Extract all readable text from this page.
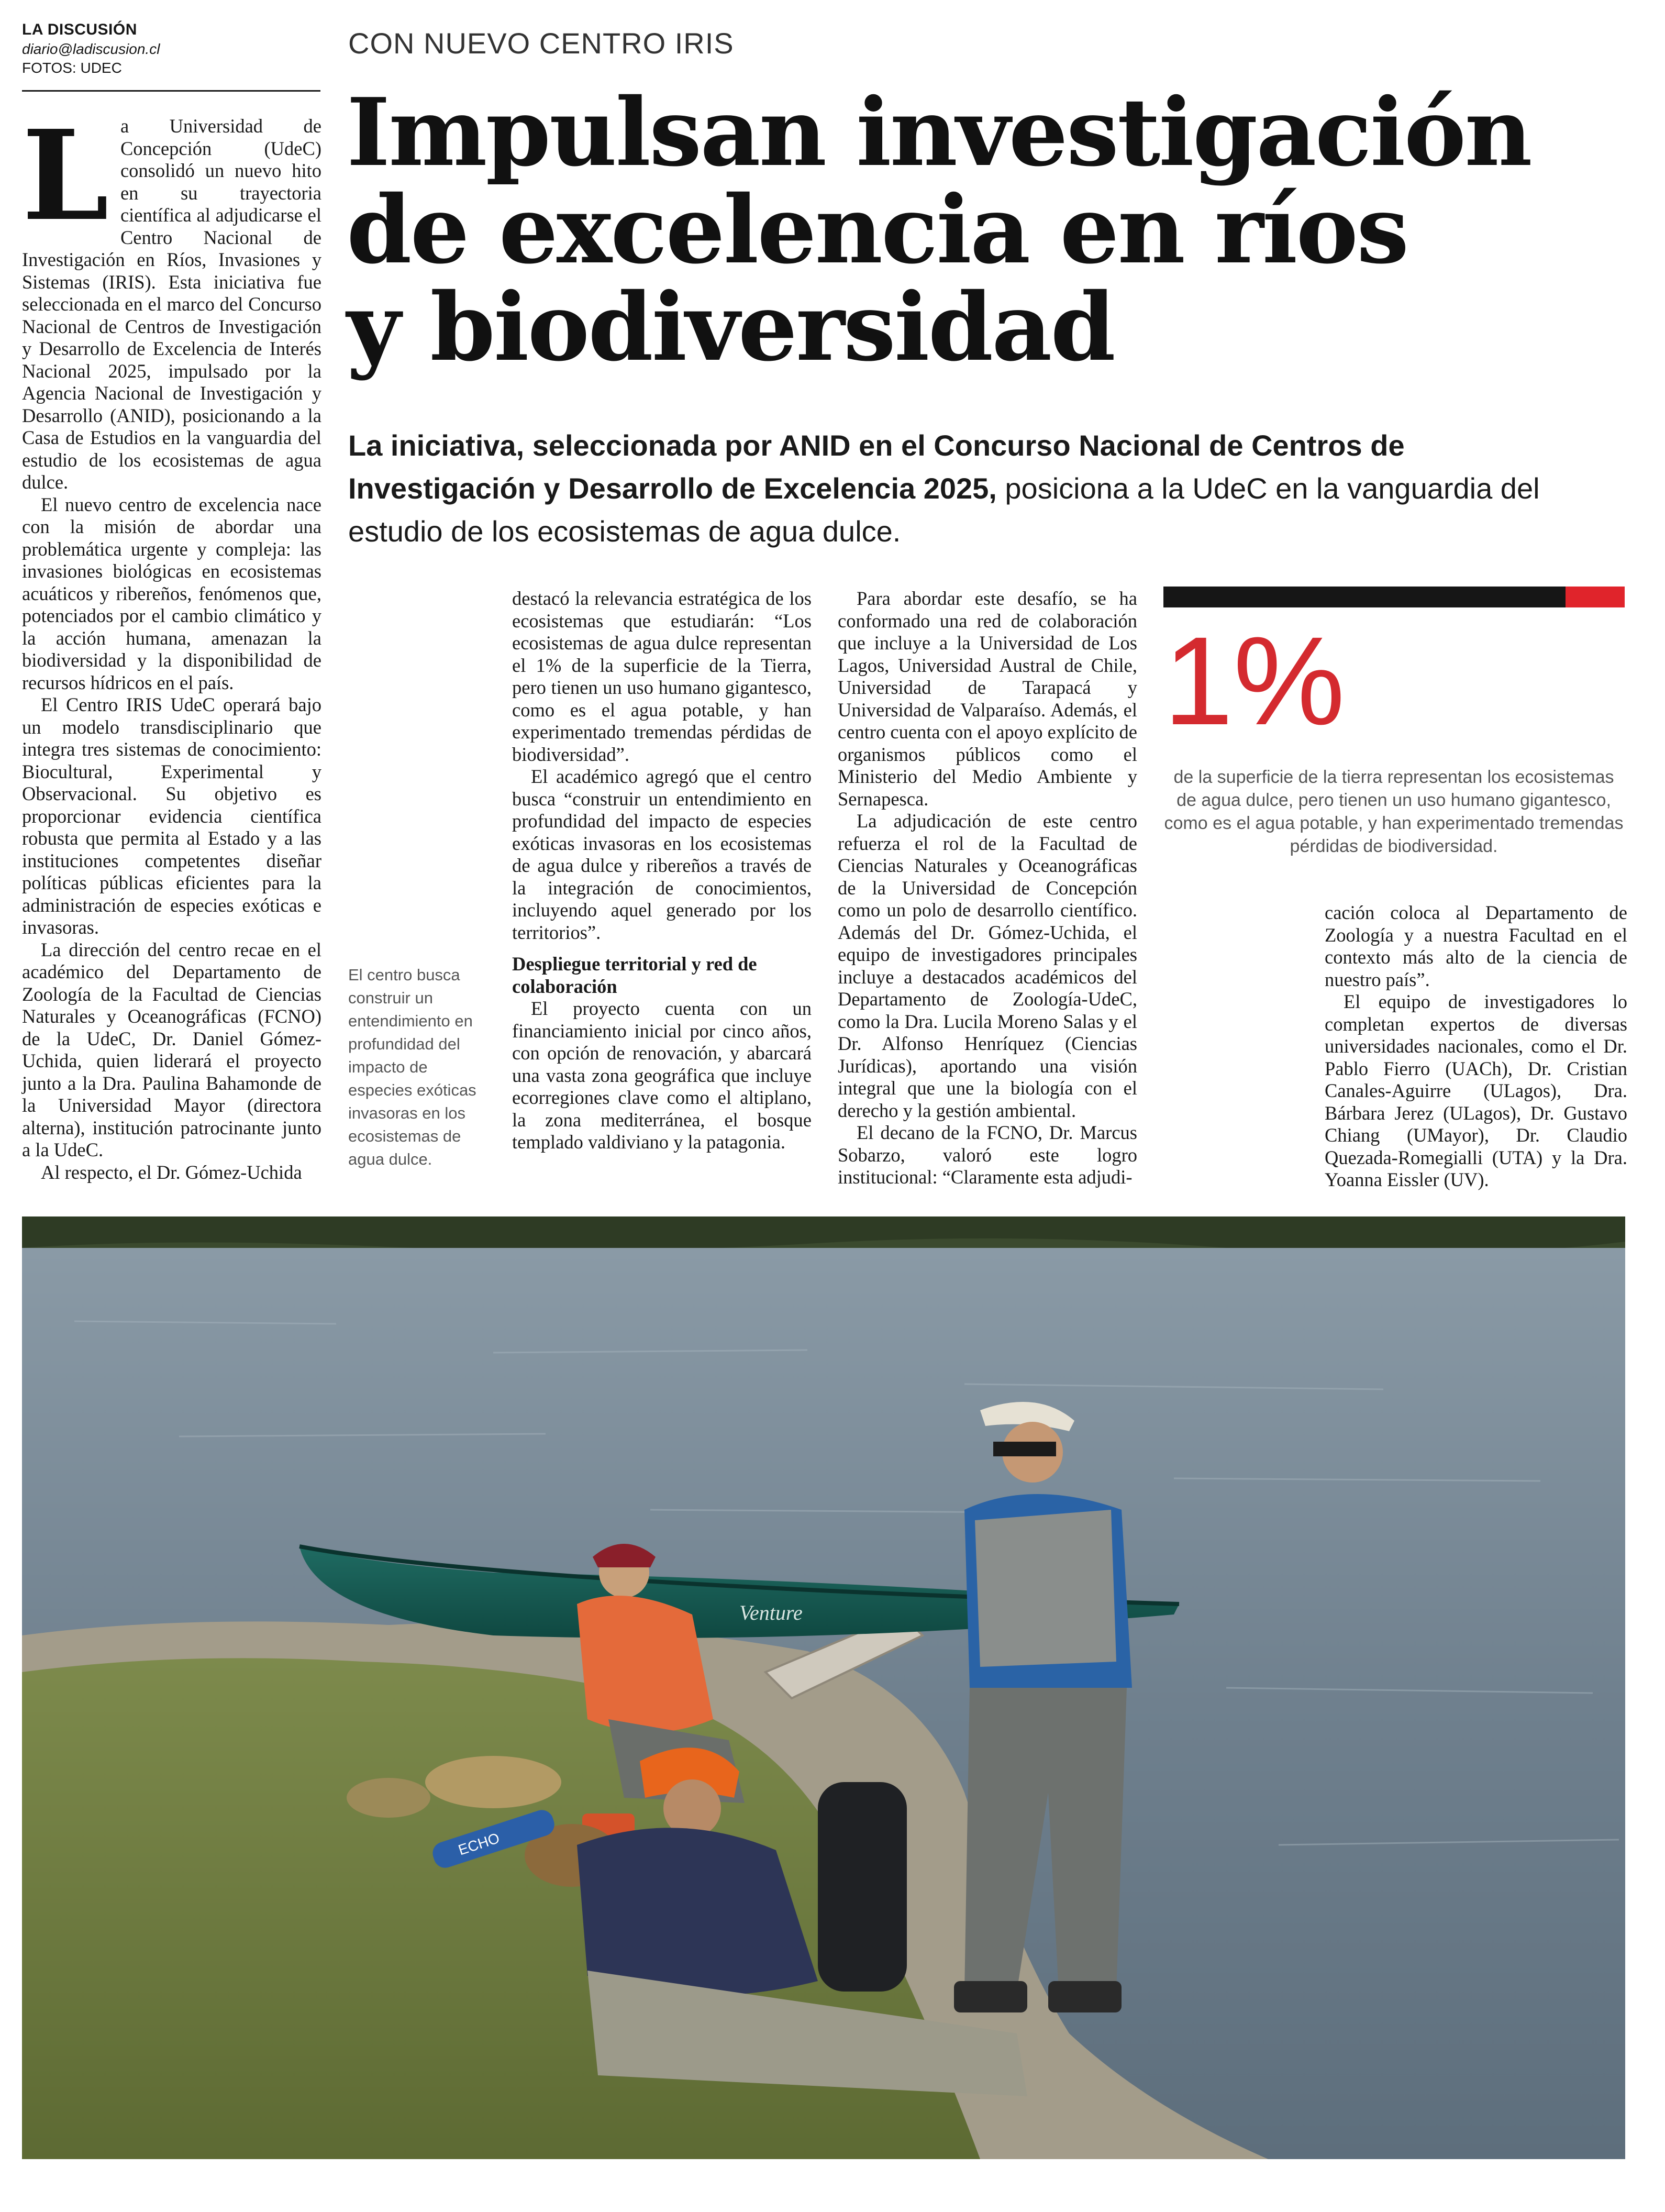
LA DISCUSIÓN
diario@ladiscusion.cl
FOTOS: UDEC
CON NUEVO CENTRO IRIS
Impulsan investigación
de excelencia en ríos
y biodiversidad
La iniciativa, seleccionada por ANID en el Concurso Nacional de Centros de Investigación y Desarrollo de Excelencia 2025, posiciona a la UdeC en la vanguardia del estudio de los ecosistemas de agua dulce.

La Universidad de Concepción (UdeC) consolidó un nuevo hito en su trayectoria científica al adjudicarse el Centro Nacional de Investigación en Ríos, Invasiones y Sistemas (IRIS). Esta iniciativa fue seleccionada en el marco del Concurso Nacional de Centros de Investigación y Desarrollo de Excelencia de Interés Nacional 2025, impulsado por la Agencia Nacional de Investigación y Desarrollo (ANID), posicionando a la Casa de Estudios en la vanguardia del estudio de los ecosistemas de agua dulce.

El nuevo centro de excelencia nace con la misión de abordar una problemática urgente y compleja: las invasiones biológicas en ecosistemas acuáticos y ribereños, fenómenos que, potenciados por el cambio climático y la acción humana, amenazan la biodiversidad y la disponibilidad de recursos hídricos en el país.

El Centro IRIS UdeC operará bajo un modelo transdisciplinario que integra tres sistemas de conocimiento: Biocultural, Experimental y Observacional. Su objetivo es proporcionar evidencia científica robusta que permita al Estado y a las instituciones competentes diseñar políticas públicas eficientes para la administración de especies exóticas e invasoras.

La dirección del centro recae en el académico del Departamento de Zoología de la Facultad de Ciencias Naturales y Oceanográficas (FCNO) de la UdeC, Dr. Daniel Gómez-Uchida, quien liderará el proyecto junto a la Dra. Paulina Bahamonde de la Universidad Mayor (directora alterna), institución patrocinante junto a la UdeC.

Al respecto, el Dr. Gómez-Uchida

El centro busca construir un entendimiento en profundidad del impacto de especies exóticas invasoras en los ecosistemas de agua dulce.

destacó la relevancia estratégica de los ecosistemas que estudiarán: “Los ecosistemas de agua dulce representan el 1% de la superficie de la Tierra, pero tienen un uso humano gigantesco, como es el agua potable, y han experimentado tremendas pérdidas de biodiversidad”.

El académico agregó que el centro busca “construir un entendimiento en profundidad del impacto de especies exóticas invasoras en los ecosistemas de agua dulce y ribereños a través de la integración de conocimientos, incluyendo aquel generado por los territorios”.

Despliegue territorial y red de colaboración

El proyecto cuenta con un financiamiento inicial por cinco años, con opción de renovación, y abarcará una vasta zona geográfica que incluye ecorregiones clave como el altiplano, la zona mediterránea, el bosque templado valdiviano y la patagonia.

Para abordar este desafío, se ha conformado una red de colaboración que incluye a la Universidad de Los Lagos, Universidad Austral de Chile, Universidad de Tarapacá y Universidad de Valparaíso. Además, el centro cuenta con el apoyo explícito de organismos públicos como el Ministerio del Medio Ambiente y Sernapesca.

La adjudicación de este centro refuerza el rol de la Facultad de Ciencias Naturales y Oceanográficas de la Universidad de Concepción como un polo de desarrollo científico. Además del Dr. Gómez-Uchida, el equipo de investigadores principales incluye a destacados académicos del Departamento de Zoología-UdeC, como la Dra. Lucila Moreno Salas y el Dr. Alfonso Henríquez (Ciencias Jurídicas), aportando una visión integral que une la biología con el derecho y la gestión ambiental.

El decano de la FCNO, Dr. Marcus Sobarzo, valoró este logro institucional: “Claramente esta adjudi-

1%
de la superficie de la tierra representan los ecosistemas de agua dulce, pero tienen un uso humano gigantesco, como es el agua potable, y han experimentado tremendas pérdidas de biodiversidad.

cación coloca al Departamento de Zoología y a nuestra Facultad en el contexto más alto de la ciencia de nuestro país”.

El equipo de investigadores lo completan expertos de diversas universidades nacionales, como el Dr. Pablo Fierro (UACh), Dr. Cristian Canales-Aguirre (ULagos), Dra. Bárbara Jerez (ULagos), Dr. Gustavo Chiang (UMayor), Dr. Claudio Quezada-Romegialli (UTA) y la Dra. Yoanna Eissler (UV).

Venture
ECHO
